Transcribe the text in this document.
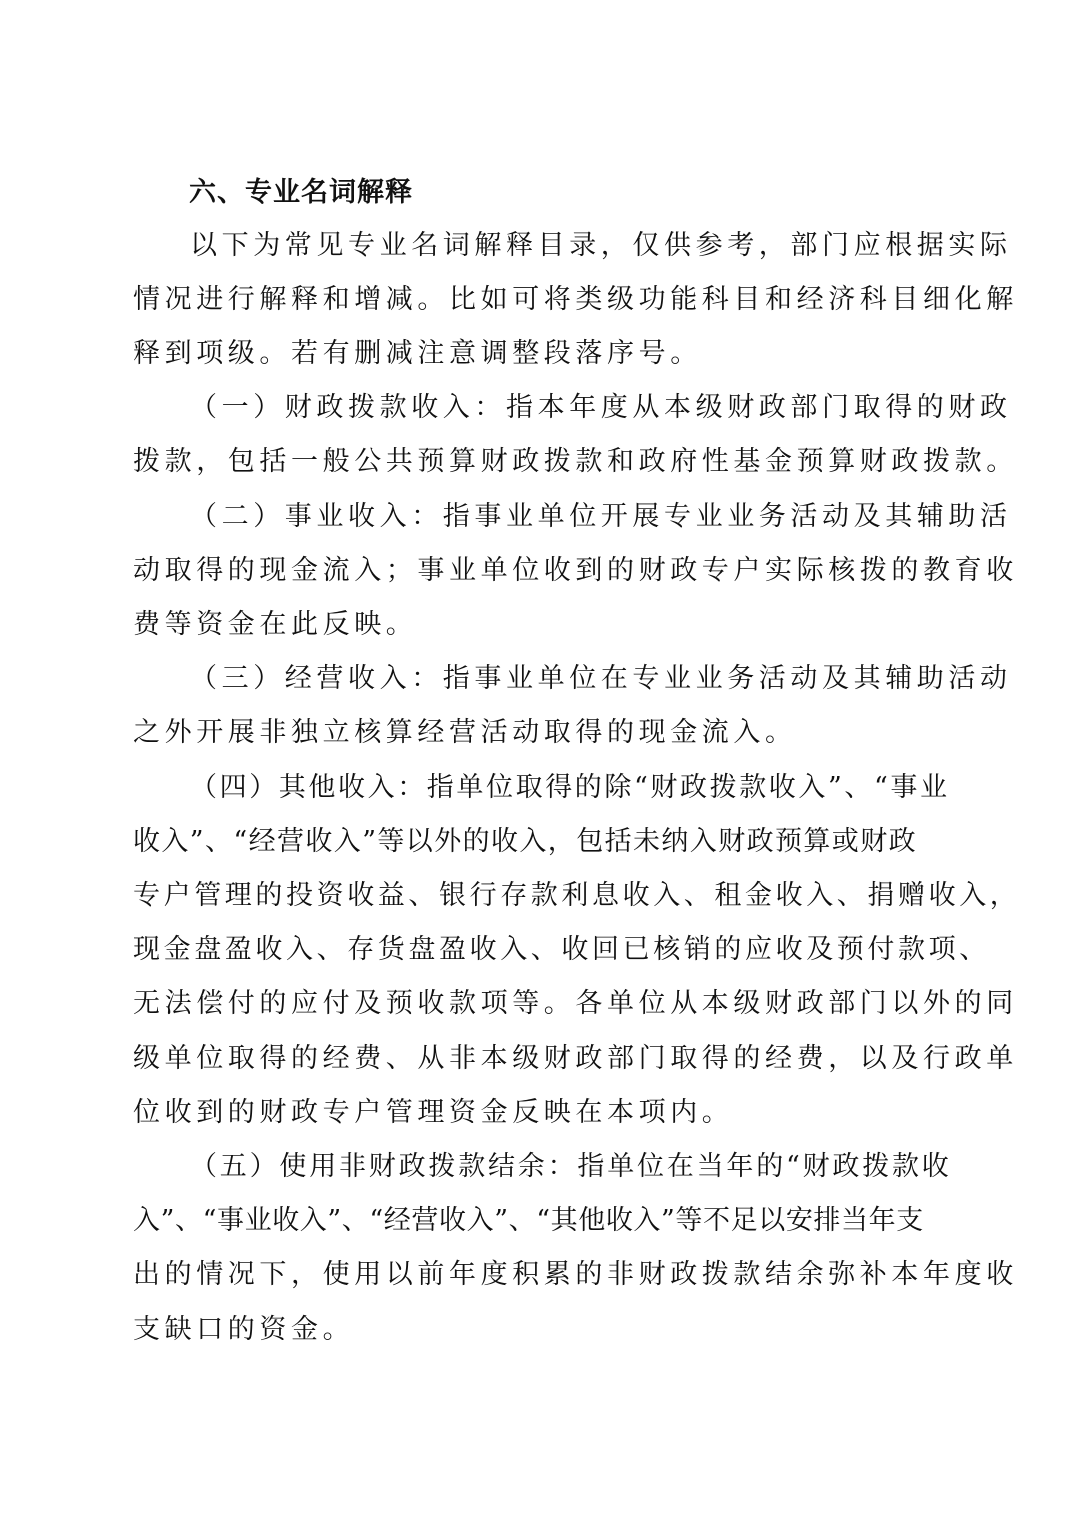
六、专业名词解释
以下为常见专业名词解释目录，仅供参考，部门应根据实际
情况进行解释和增减。比如可将类级功能科目和经济科目细化解
释到项级。若有删减注意调整段落序号。
（一）财政拨款收入：指本年度从本级财政部门取得的财政
拨款，包括一般公共预算财政拨款和政府性基金预算财政拨款。
（二）事业收入：指事业单位开展专业业务活动及其辅助活
动取得的现金流入；事业单位收到的财政专户实际核拨的教育收
费等资金在此反映。
（三）经营收入：指事业单位在专业业务活动及其辅助活动
之外开展非独立核算经营活动取得的现金流入。
（四）其他收入：指单位取得的除“财政拨款收入”、“事业
收入”、“经营收入”等以外的收入，包括未纳入财政预算或财政
专户管理的投资收益、银行存款利息收入、租金收入、捐赠收入，
现金盘盈收入、存货盘盈收入、收回已核销的应收及预付款项、
无法偿付的应付及预收款项等。各单位从本级财政部门以外的同
级单位取得的经费、从非本级财政部门取得的经费，以及行政单
位收到的财政专户管理资金反映在本项内。
（五）使用非财政拨款结余：指单位在当年的“财政拨款收
入”、“事业收入”、“经营收入”、“其他收入”等不足以安排当年支
出的情况下，使用以前年度积累的非财政拨款结余弥补本年度收
支缺口的资金。
